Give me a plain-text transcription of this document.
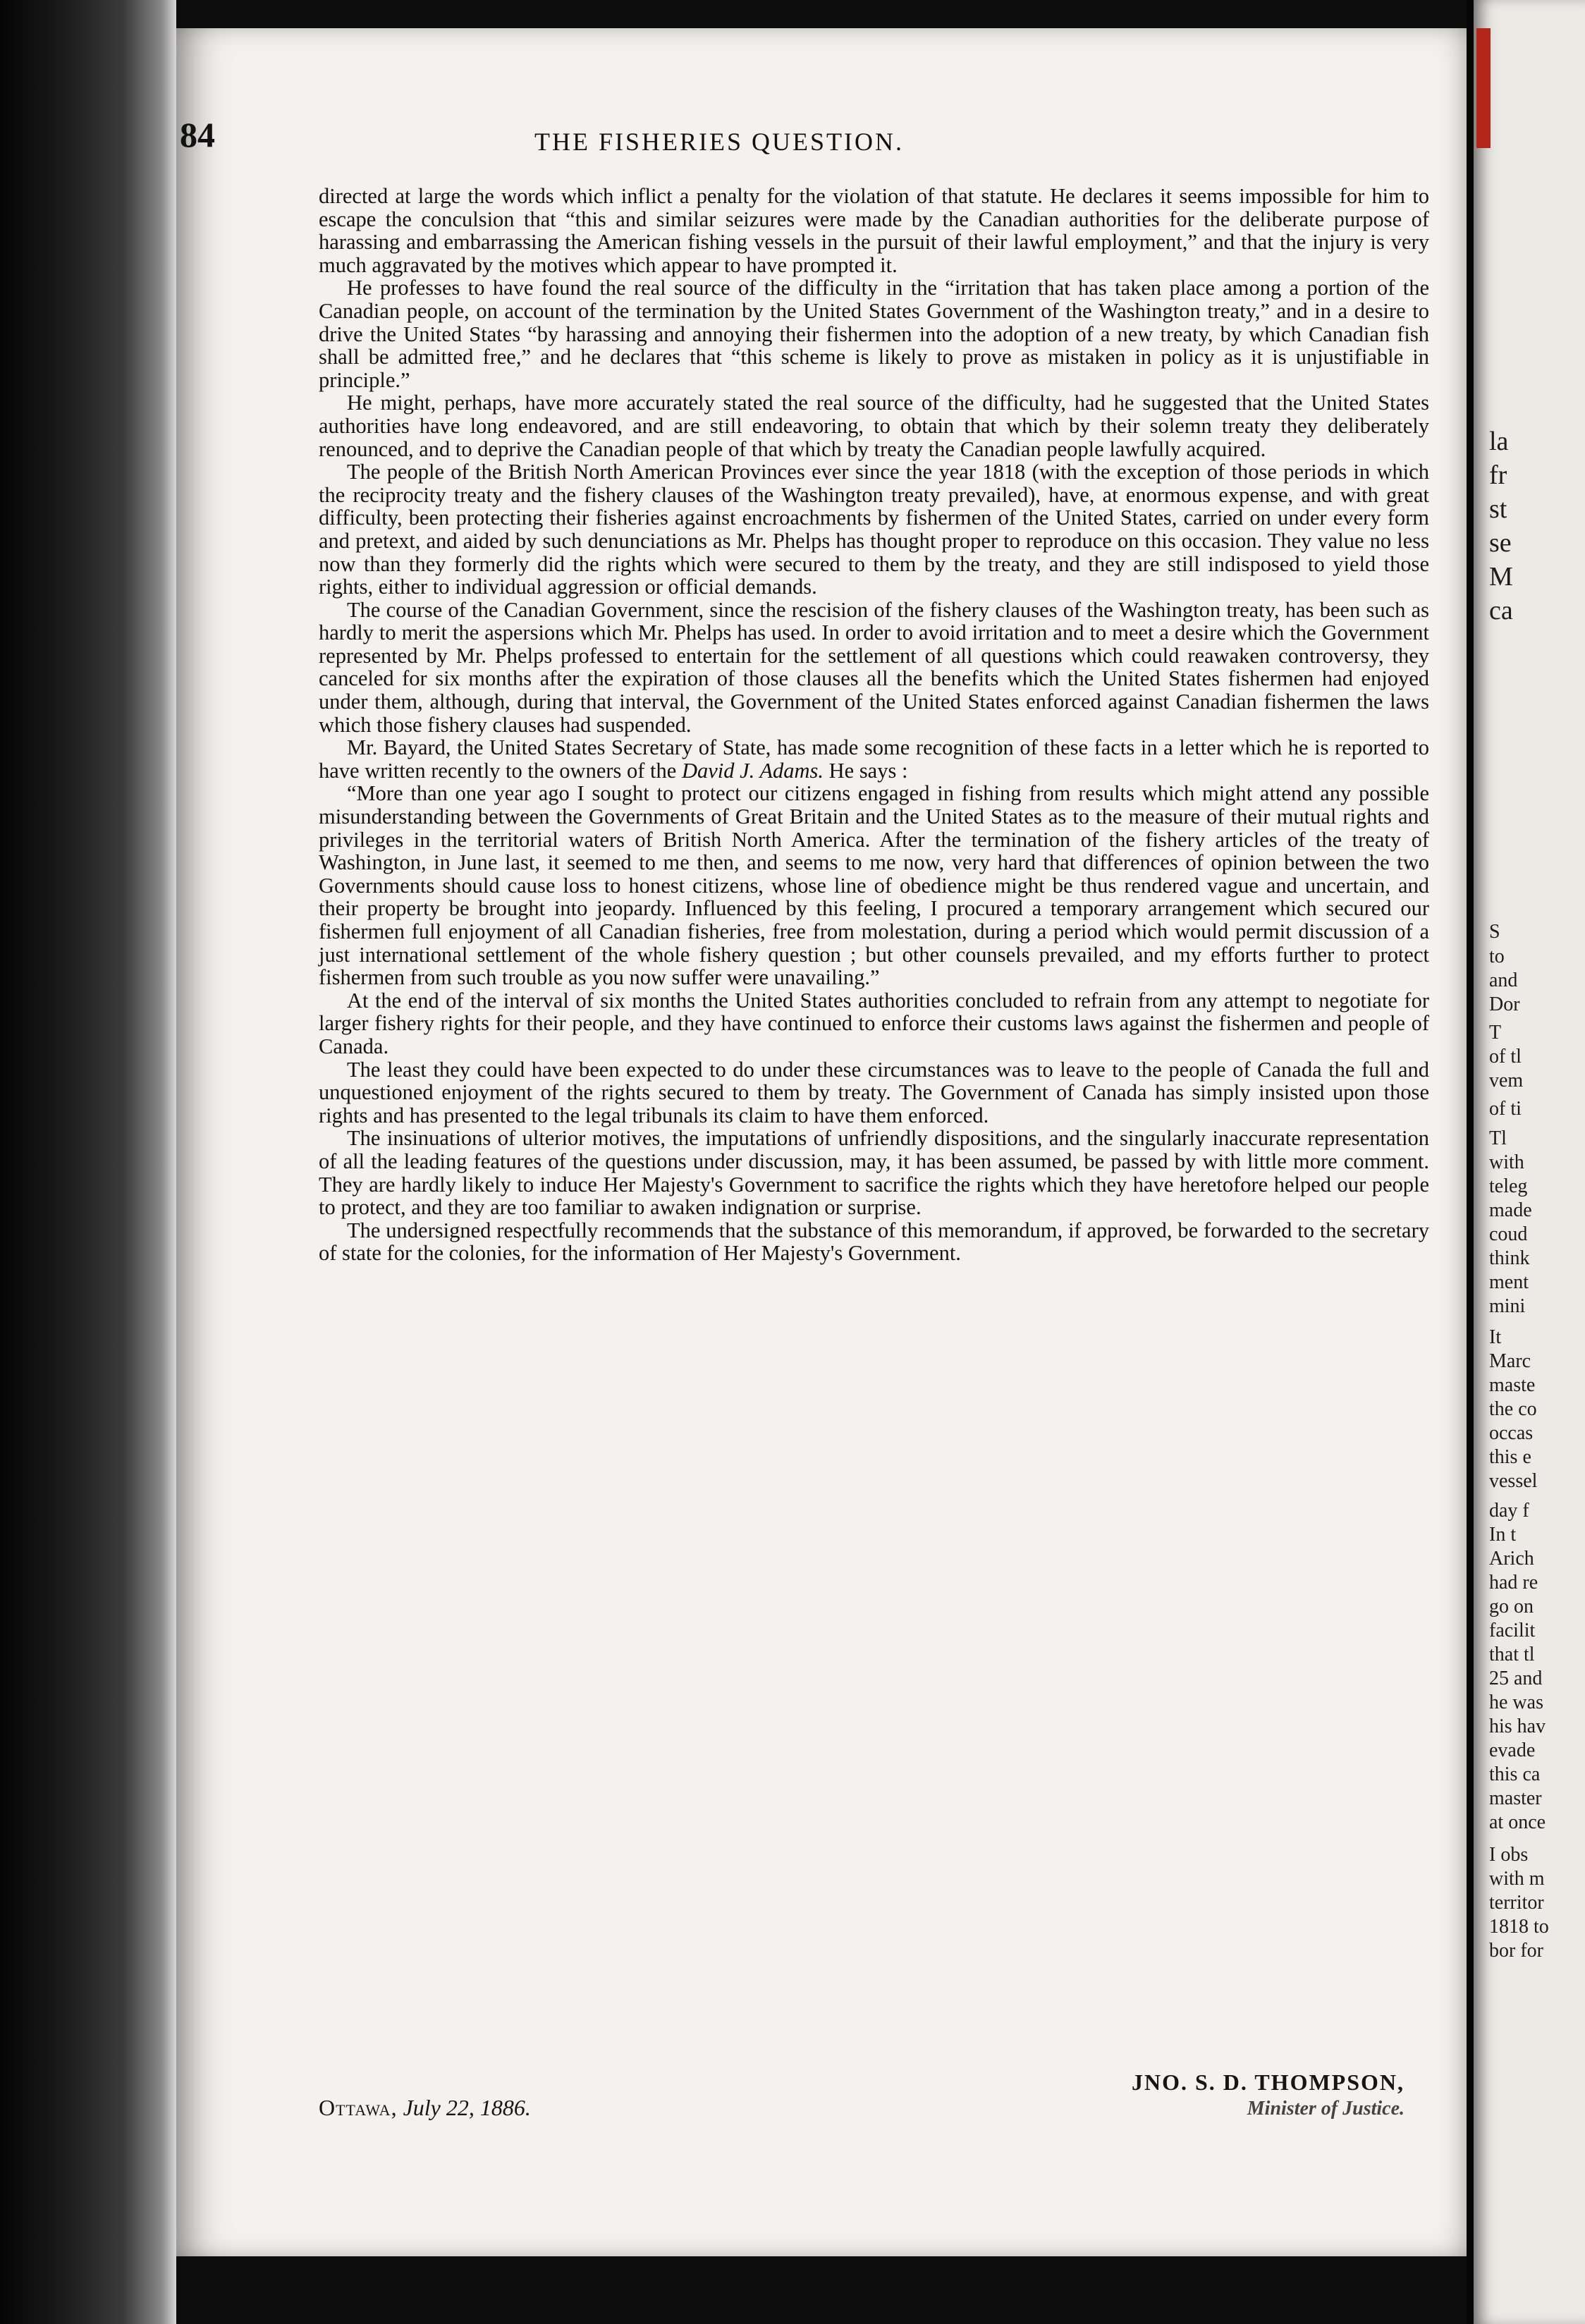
la
fr
st
se
M
ca
S
to
and
Dor
T
of tl
vem
of ti
Tl
with
teleg
made
coud
think
ment
mini
It
Marc
maste
the co
occas
this e
vessel
day f
In t
Arich
had re
go on
facilit
that tl
25 and
he was
his hav
evade
this ca
master
at once
I obs
with m
territor
1818 to
bor for
84	THE FISHERIES QUESTION.

directed at large the words which inflict a penalty for the violation of that statute. He declares it seems impossible for him to escape the conculsion that “this and similar seizures were made by the Canadian authorities for the deliberate purpose of harassing and embarrassing the American fishing vessels in the pursuit of their lawful employment,” and that the injury is very much aggravated by the motives which appear to have prompted it.

He professes to have found the real source of the difficulty in the “irritation that has taken place among a portion of the Canadian people, on account of the termination by the United States Government of the Washington treaty,” and in a desire to drive the United States “by harassing and annoying their fishermen into the adoption of a new treaty, by which Canadian fish shall be admitted free,” and he declares that “this scheme is likely to prove as mistaken in policy as it is unjustifiable in principle.”

He might, perhaps, have more accurately stated the real source of the difficulty, had he suggested that the United States authorities have long endeavored, and are still endeavoring, to obtain that which by their solemn treaty they deliberately renounced, and to deprive the Canadian people of that which by treaty the Canadian people lawfully acquired.

The people of the British North American Provinces ever since the year 1818 (with the exception of those periods in which the reciprocity treaty and the fishery clauses of the Washington treaty prevailed), have, at enormous expense, and with great difficulty, been protecting their fisheries against encroachments by fishermen of the United States, carried on under every form and pretext, and aided by such denunciations as Mr. Phelps has thought proper to reproduce on this occasion. They value no less now than they formerly did the rights which were secured to them by the treaty, and they are still indisposed to yield those rights, either to individual aggression or official demands.

The course of the Canadian Government, since the rescision of the fishery clauses of the Washington treaty, has been such as hardly to merit the aspersions which Mr. Phelps has used. In order to avoid irritation and to meet a desire which the Government represented by Mr. Phelps professed to entertain for the settlement of all questions which could reawaken controversy, they canceled for six months after the expiration of those clauses all the benefits which the United States fishermen had enjoyed under them, although, during that interval, the Government of the United States enforced against Canadian fishermen the laws which those fishery clauses had suspended.

Mr. Bayard, the United States Secretary of State, has made some recognition of these facts in a letter which he is reported to have written recently to the owners of the David J. Adams. He says :

“More than one year ago I sought to protect our citizens engaged in fishing from results which might attend any possible misunderstanding between the Governments of Great Britain and the United States as to the measure of their mutual rights and privileges in the territorial waters of British North America. After the termination of the fishery articles of the treaty of Washington, in June last, it seemed to me then, and seems to me now, very hard that differences of opinion between the two Governments should cause loss to honest citizens, whose line of obedience might be thus rendered vague and uncertain, and their property be brought into jeopardy. Influenced by this feeling, I procured a temporary arrangement which secured our fishermen full enjoyment of all Canadian fisheries, free from molestation, during a period which would permit discussion of a just international settlement of the whole fishery question ; but other counsels prevailed, and my efforts further to protect fishermen from such trouble as you now suffer were unavailing.”

At the end of the interval of six months the United States authorities concluded to refrain from any attempt to negotiate for larger fishery rights for their people, and they have continued to enforce their customs laws against the fishermen and people of Canada.

The least they could have been expected to do under these circumstances was to leave to the people of Canada the full and unquestioned enjoyment of the rights secured to them by treaty. The Government of Canada has simply insisted upon those rights and has presented to the legal tribunals its claim to have them enforced.

The insinuations of ulterior motives, the imputations of unfriendly dispositions, and the singularly inaccurate representation of all the leading features of the questions under discussion, may, it has been assumed, be passed by with little more comment. They are hardly likely to induce Her Majesty's Government to sacrifice the rights which they have heretofore helped our people to protect, and they are too familiar to awaken indignation or surprise.

The undersigned respectfully recommends that the substance of this memorandum, if approved, be forwarded to the secretary of state for the colonies, for the information of Her Majesty's Government.

Ottawa, July 22, 1886.
JNO. S. D. THOMPSON,
Minister of Justice.
